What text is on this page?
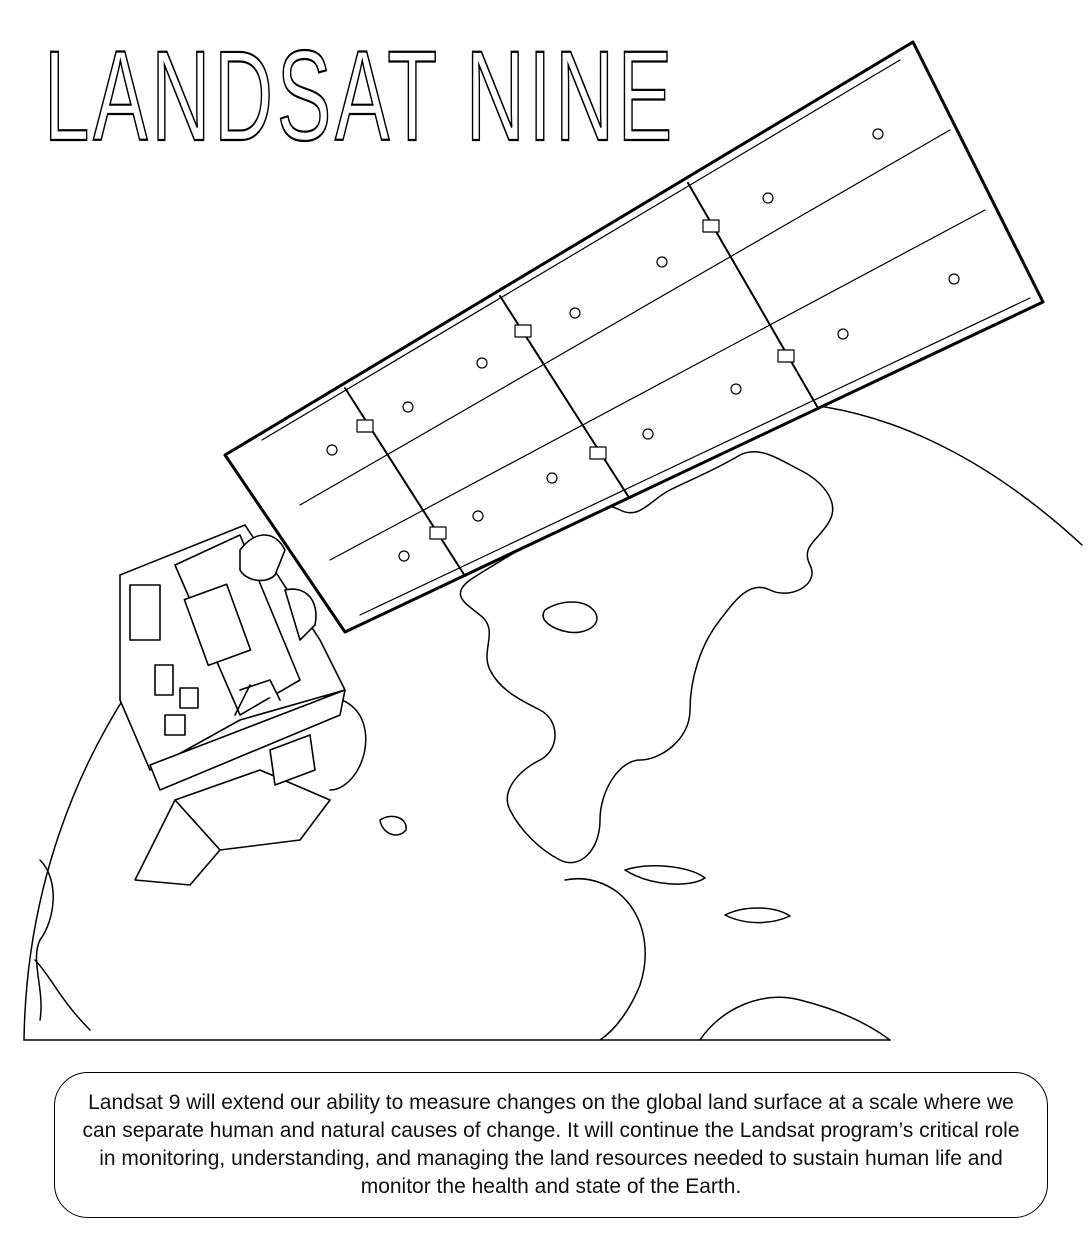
LANDSAT NINE

Landsat 9 will extend our ability to measure changes on the global land surface at a scale where we can separate human and natural causes of change. It will continue the Landsat program’s critical role in monitoring, understanding, and managing the land resources needed to sustain human life and monitor the health and state of the Earth.
